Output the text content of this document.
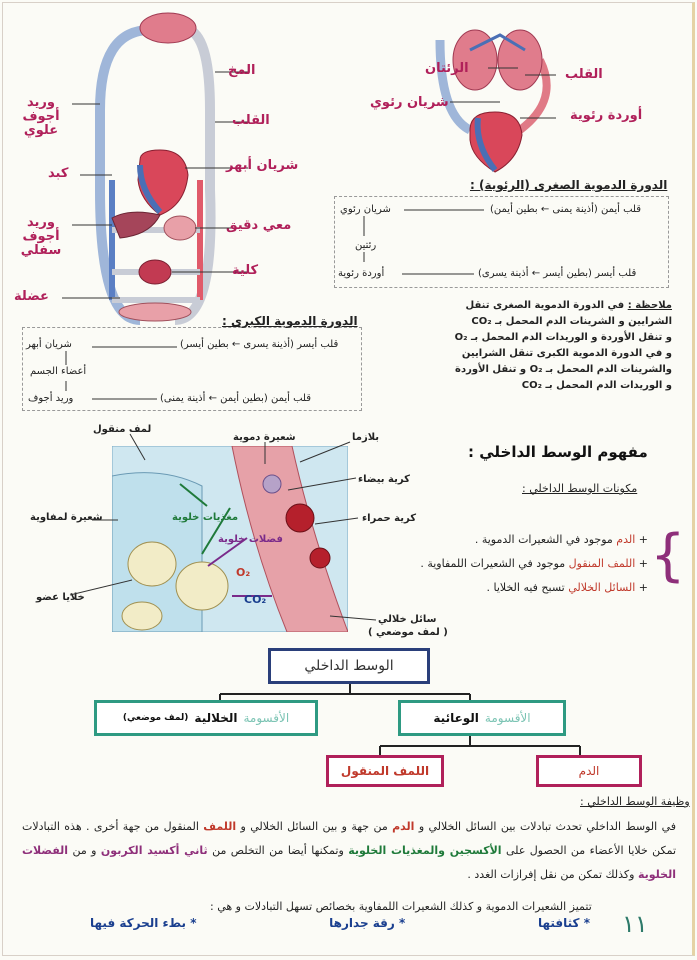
المخ
القلب
شريان أبهر
معي دقيق
كلية
وريد أجوف علوي
كبد
وريد أجوف سفلي
عضلة
الدورة الدموية الكبرى :
شريان أبهر	قلب أيسر (أذينة يسرى ← بطين أيسر)
أعضاء الجسم
وريد أجوف	قلب أيمن (بطين أيمن ← أذينة يمنى)
الرئتان
شريان رئوي
القلب
أوردة رئوية
الدورة الدموية الصغرى (الرئوية) :
قلب أيمن (أذينة يمنى ← بطين أيمن)
شريان رئوي
رئتين
قلب أيسر (بطين أيسر ← أذينة يسرى)
أوردة رئوية
ملاحظة : في الدورة الدموية الصغرى تنقل
الشرايين و الشرينات الدم المحمل بـ CO₂
و تنقل الأوردة و الوريدات الدم المحمل بـ O₂
و في الدورة الدموية الكبرى تنقل الشرايين
والشرينات الدم المحمل بـ O₂ و تنقل الأوردة
و الوريدات الدم المحمل بـ CO₂
مغذيات خلوية
فضلات خلوية
O₂
CO₂
لمف منقول
شعيرة دموية	بلازما
كرية بيضاء
شعيرة لمفاوية	كرية حمراء
خلايا عضو
سائل خلالي
( لمف موضعي )
مفهوم الوسط الداخلي :
مكونات الوسط الداخلي :
+ الدم موجود في الشعيرات الدموية .
+ اللمف المنقول موجود في الشعيرات اللمفاوية .
+ السائل الخلالي تسبح فيه الخلايا .	}
الوسط الداخلي
الأقسومة
الخلالية
(لمف موضعي)	الأقسومة
الوعائية
اللمف المنقول	الدم
وظيفة الوسط الداخلي :
في الوسط الداخلي تحدث تبادلات بين السائل الخلالي و الدم من جهة و بين السائل الخلالي و اللمف المنقول من جهة أخرى . هذه التبادلات تمكن خلايا الأعضاء من الحصول على الأكسجين والمغذيات الخلوية وتمكنها أيضا من التخلص من ثاني أكسيد الكربون و من الفضلات الخلوية وكذلك تمكن من نقل إفرازات الغدد .
تتميز الشعيرات الدموية و كذلك الشعيرات اللمفاوية بخصائص تسهل التبادلات و هي :
* كثافتها
* رقة جدارها
* بطء الحركة فيها	١١
